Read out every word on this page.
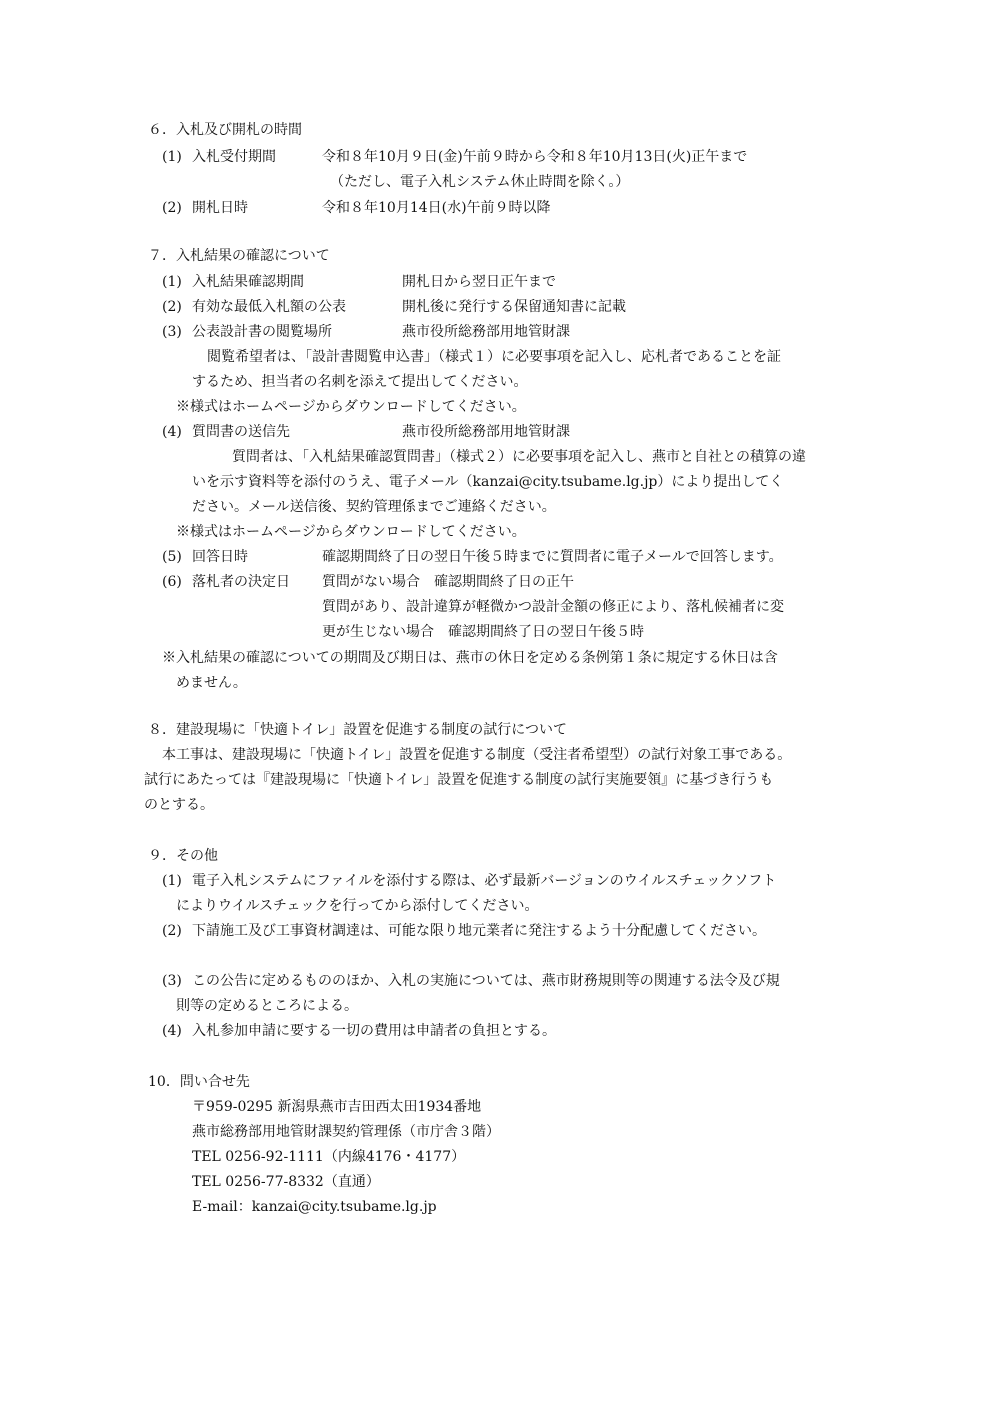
６．入札及び開札の時間
(1) 入札受付期間	令和８年10月９日(金)午前９時から令和８年10月13日(火)正午まで
（ただし、電子入札システム休止時間を除く。）
(2) 開札日時	令和８年10月14日(水)午前９時以降
７．入札結果の確認について
(1) 入札結果確認期間	開札日から翌日正午まで
(2) 有効な最低入札額の公表	開札後に発行する保留通知書に記載
(3) 公表設計書の閲覧場所	燕市役所総務部用地管財課
閲覧希望者は、「設計書閲覧申込書」（様式１）に必要事項を記入し、応札者であることを証
するため、担当者の名刺を添えて提出してください。
※様式はホームページからダウンロードしてください。
(4) 質問書の送信先	燕市役所総務部用地管財課
質問者は、「入札結果確認質問書」（様式２）に必要事項を記入し、燕市と自社との積算の違
いを示す資料等を添付のうえ、電子メール（kanzai@city.tsubame.lg.jp）により提出してく
ださい。メール送信後、契約管理係までご連絡ください。
※様式はホームページからダウンロードしてください。
(5) 回答日時	確認期間終了日の翌日午後５時までに質問者に電子メールで回答します。
(6) 落札者の決定日 質問がない場合　確認期間終了日の正午
質問があり、設計違算が軽微かつ設計金額の修正により、落札候補者に変
更が生じない場合　確認期間終了日の翌日午後５時
※入札結果の確認についての期間及び期日は、燕市の休日を定める条例第１条に規定する休日は含
めません。
８．建設現場に「快適トイレ」設置を促進する制度の試行について
本工事は、建設現場に「快適トイレ」設置を促進する制度（受注者希望型）の試行対象工事である。
試行にあたっては『建設現場に「快適トイレ」設置を促進する制度の試行実施要領』に基づき行うも
のとする。
９．その他
(1) 電子入札システムにファイルを添付する際は、必ず最新バージョンのウイルスチェックソフト
によりウイルスチェックを行ってから添付してください。
(2) 下請施工及び工事資材調達は、可能な限り地元業者に発注するよう十分配慮してください。
(3) この公告に定めるもののほか、入札の実施については、燕市財務規則等の関連する法令及び規
則等の定めるところによる。
(4) 入札参加申請に要する一切の費用は申請者の負担とする。
10．問い合せ先
〒959-0295 新潟県燕市吉田西太田1934番地
燕市総務部用地管財課契約管理係（市庁舎３階）
TEL 0256-92-1111（内線4176・4177）
TEL 0256-77-8332（直通）
E-mail：kanzai@city.tsubame.lg.jp
